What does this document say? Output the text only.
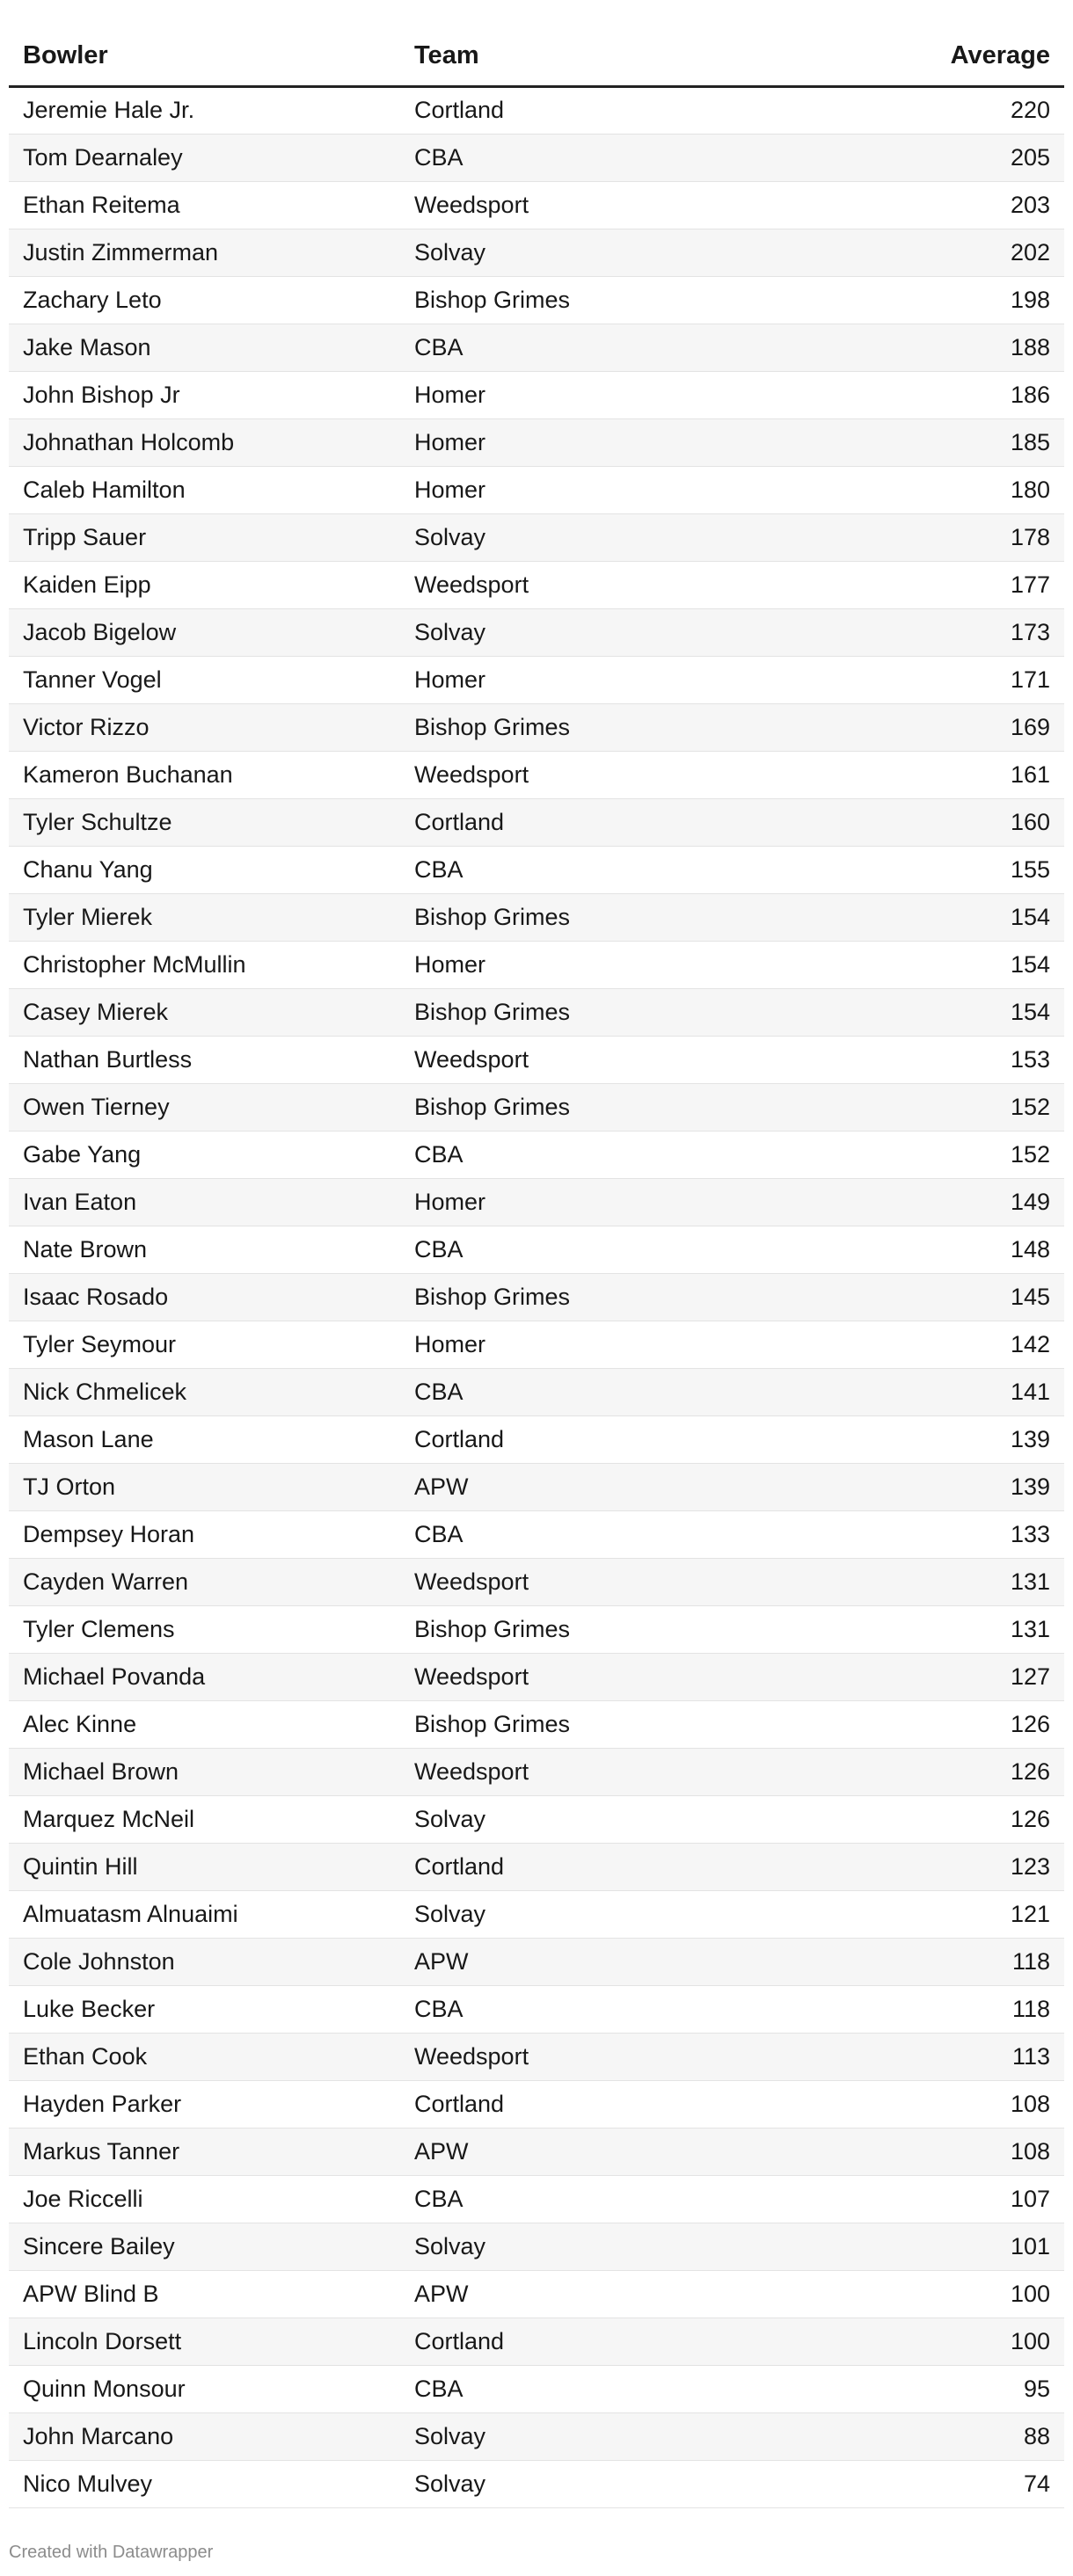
Bowler	Team	Average
Jeremie Hale Jr.	Cortland	220
Tom Dearnaley	CBA	205
Ethan Reitema	Weedsport	203
Justin Zimmerman	Solvay	202
Zachary Leto	Bishop Grimes	198
Jake Mason	CBA	188
John Bishop Jr	Homer	186
Johnathan Holcomb	Homer	185
Caleb Hamilton	Homer	180
Tripp Sauer	Solvay	178
Kaiden Eipp	Weedsport	177
Jacob Bigelow	Solvay	173
Tanner Vogel	Homer	171
Victor Rizzo	Bishop Grimes	169
Kameron Buchanan	Weedsport	161
Tyler Schultze	Cortland	160
Chanu Yang	CBA	155
Tyler Mierek	Bishop Grimes	154
Christopher McMullin	Homer	154
Casey Mierek	Bishop Grimes	154
Nathan Burtless	Weedsport	153
Owen Tierney	Bishop Grimes	152
Gabe Yang	CBA	152
Ivan Eaton	Homer	149
Nate Brown	CBA	148
Isaac Rosado	Bishop Grimes	145
Tyler Seymour	Homer	142
Nick Chmelicek	CBA	141
Mason Lane	Cortland	139
TJ Orton	APW	139
Dempsey Horan	CBA	133
Cayden Warren	Weedsport	131
Tyler Clemens	Bishop Grimes	131
Michael Povanda	Weedsport	127
Alec Kinne	Bishop Grimes	126
Michael Brown	Weedsport	126
Marquez McNeil	Solvay	126
Quintin Hill	Cortland	123
Almuatasm Alnuaimi	Solvay	121
Cole Johnston	APW	118
Luke Becker	CBA	118
Ethan Cook	Weedsport	113
Hayden Parker	Cortland	108
Markus Tanner	APW	108
Joe Riccelli	CBA	107
Sincere Bailey	Solvay	101
APW Blind B	APW	100
Lincoln Dorsett	Cortland	100
Quinn Monsour	CBA	95
John Marcano	Solvay	88
Nico Mulvey	Solvay	74
Created with Datawrapper
